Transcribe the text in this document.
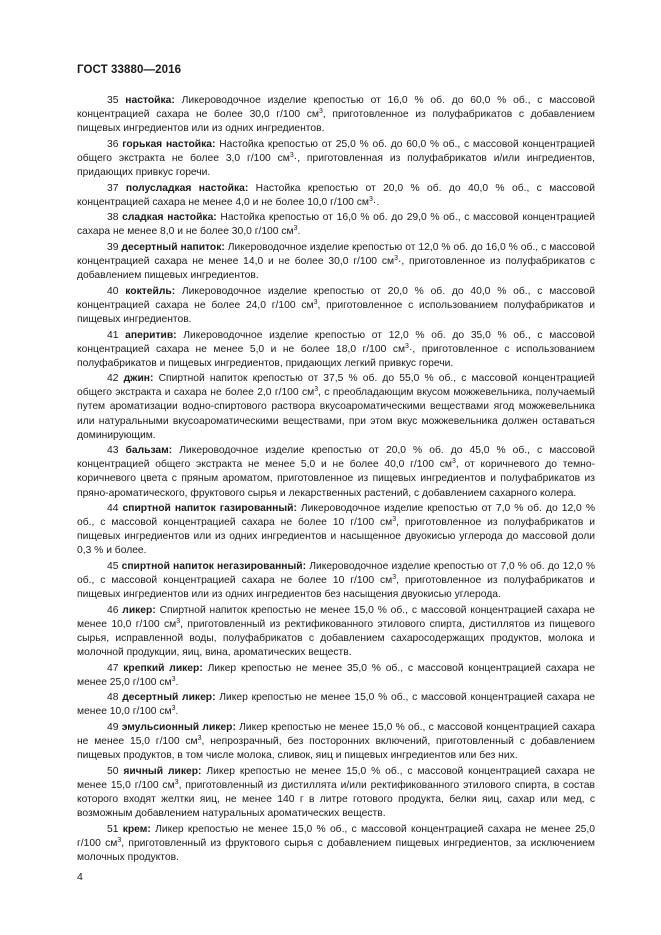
ГОСТ 33880—2016

35 настойка: Ликероводочное изделие крепостью от 16,0 % об. до 60,0 % об., с массовой концентрацией сахара не более 30,0 г/100 $см^3$, приготовленное из полуфабрикатов с добавлением пищевых ингредиентов или из одних ингредиентов.

36 горькая настойка: Настойка крепостью от 25,0 % об. до 60,0 % об., с массовой концентрацией общего экстракта не более 3,0 г/100 $см^3\cdot$, приготовленная из полуфабрикатов и/или ингредиентов, придающих привкус горечи.

37 полусладкая настойка: Настойка крепостью от 20,0 % об. до 40,0 % об., с массовой концентрацией сахара не менее 4,0 и не более 10,0 г/100 $см^3\cdot$.

38 сладкая настойка: Настойка крепостью от 16,0 % об. до 29,0 % об., с массовой концентрацией сахара не менее 8,0 и не более 30,0 г/100 $см^3$.

39 десертный напиток: Ликероводочное изделие крепостью от 12,0 % об. до 16,0 % об., с массовой концентрацией сахара не менее 14,0 и не более 30,0 г/100 $см^3\cdot$, приготовленное из полуфабрикатов с добавлением пищевых ингредиентов.

40 коктейль: Ликероводочное изделие крепостью от 20,0 % об. до 40,0 % об., с массовой концентрацией сахара не более 24,0 г/100 $см^3$, приготовленное с использованием полуфабрикатов и пищевых ингредиентов.

41 аперитив: Ликероводочное изделие крепостью от 12,0 % об. до 35,0 % об., с массовой концентрацией сахара не менее 5,0 и не более 18,0 г/100 $см^3\cdot$, приготовленное с использованием полуфабрикатов и пищевых ингредиентов, придающих легкий привкус горечи.

42 джин: Спиртной напиток крепостью от 37,5 % об. до 55,0 % об., с массовой концентрацией общего экстракта и сахара не более 2,0 г/100 $см^3$, с преобладающим вкусом можжевельника, получаемый путем ароматизации водно-спиртового раствора вкусоароматическими веществами ягод можжевельника или натуральными вкусоароматическими веществами, при этом вкус можжевельника должен оставаться доминирующим.

43 бальзам: Ликероводочное изделие крепостью от 20,0 % об. до 45,0 % об., с массовой концентрацией общего экстракта не менее 5,0 и не более 40,0 г/100 $см^3$, от коричневого до темно-коричневого цвета с пряным ароматом, приготовленное из пищевых ингредиентов и полуфабрикатов из пряно-ароматического, фруктового сырья и лекарственных растений, с добавлением сахарного колера.

44 спиртной напиток газированный: Ликероводочное изделие крепостью от 7,0 % об. до 12,0 % об., с массовой концентрацией сахара не более 10 г/100 $см^3$, приготовленное из полуфабрикатов и пищевых ингредиентов или из одних ингредиентов и насыщенное двуокисью углерода до массовой доли 0,3 % и более.

45 спиртной напиток негазированный: Ликероводочное изделие крепостью от 7,0 % об. до 12,0 % об., с массовой концентрацией сахара не более 10 г/100 $см^3$, приготовленное из полуфабрикатов и пищевых ингредиентов или из одних ингредиентов без насыщения двуокисью углерода.

46 ликер: Спиртной напиток крепостью не менее 15,0 % об., с массовой концентрацией сахара не менее 10,0 г/100 $см^3$, приготовленный из ректификованного этилового спирта, дистиллятов из пищевого сырья, исправленной воды, полуфабрикатов с добавлением сахаросодержащих продуктов, молока и молочной продукции, яиц, вина, ароматических веществ.

47 крепкий ликер: Ликер крепостью не менее 35,0 % об., с массовой концентрацией сахара не менее 25,0 г/100 $см^3$.

48 десертный ликер: Ликер крепостью не менее 15,0 % об., с массовой концентрацией сахара не менее 10,0 г/100 $см^3$.

49 эмульсионный ликер: Ликер крепостью не менее 15,0 % об., с массовой концентрацией сахара не менее 15,0 г/100 $см^3$, непрозрачный, без посторонних включений, приготовленный с добавлением пищевых продуктов, в том числе молока, сливок, яиц и пищевых ингредиентов или без них.

50 яичный ликер: Ликер крепостью не менее 15,0 % об., с массовой концентрацией сахара не менее 15,0 г/100 $см^3$, приготовленный из дистиллята и/или ректификованного этилового спирта, в состав которого входят желтки яиц, не менее 140 г в литре готового продукта, белки яиц, сахар или мед, с возможным добавлением натуральных ароматических веществ.

51 крем: Ликер крепостью не менее 15,0 % об., с массовой концентрацией сахара не менее 25,0 г/100 $см^3$, приготовленный из фруктового сырья с добавлением пищевых ингредиентов, за исключением молочных продуктов.

4
